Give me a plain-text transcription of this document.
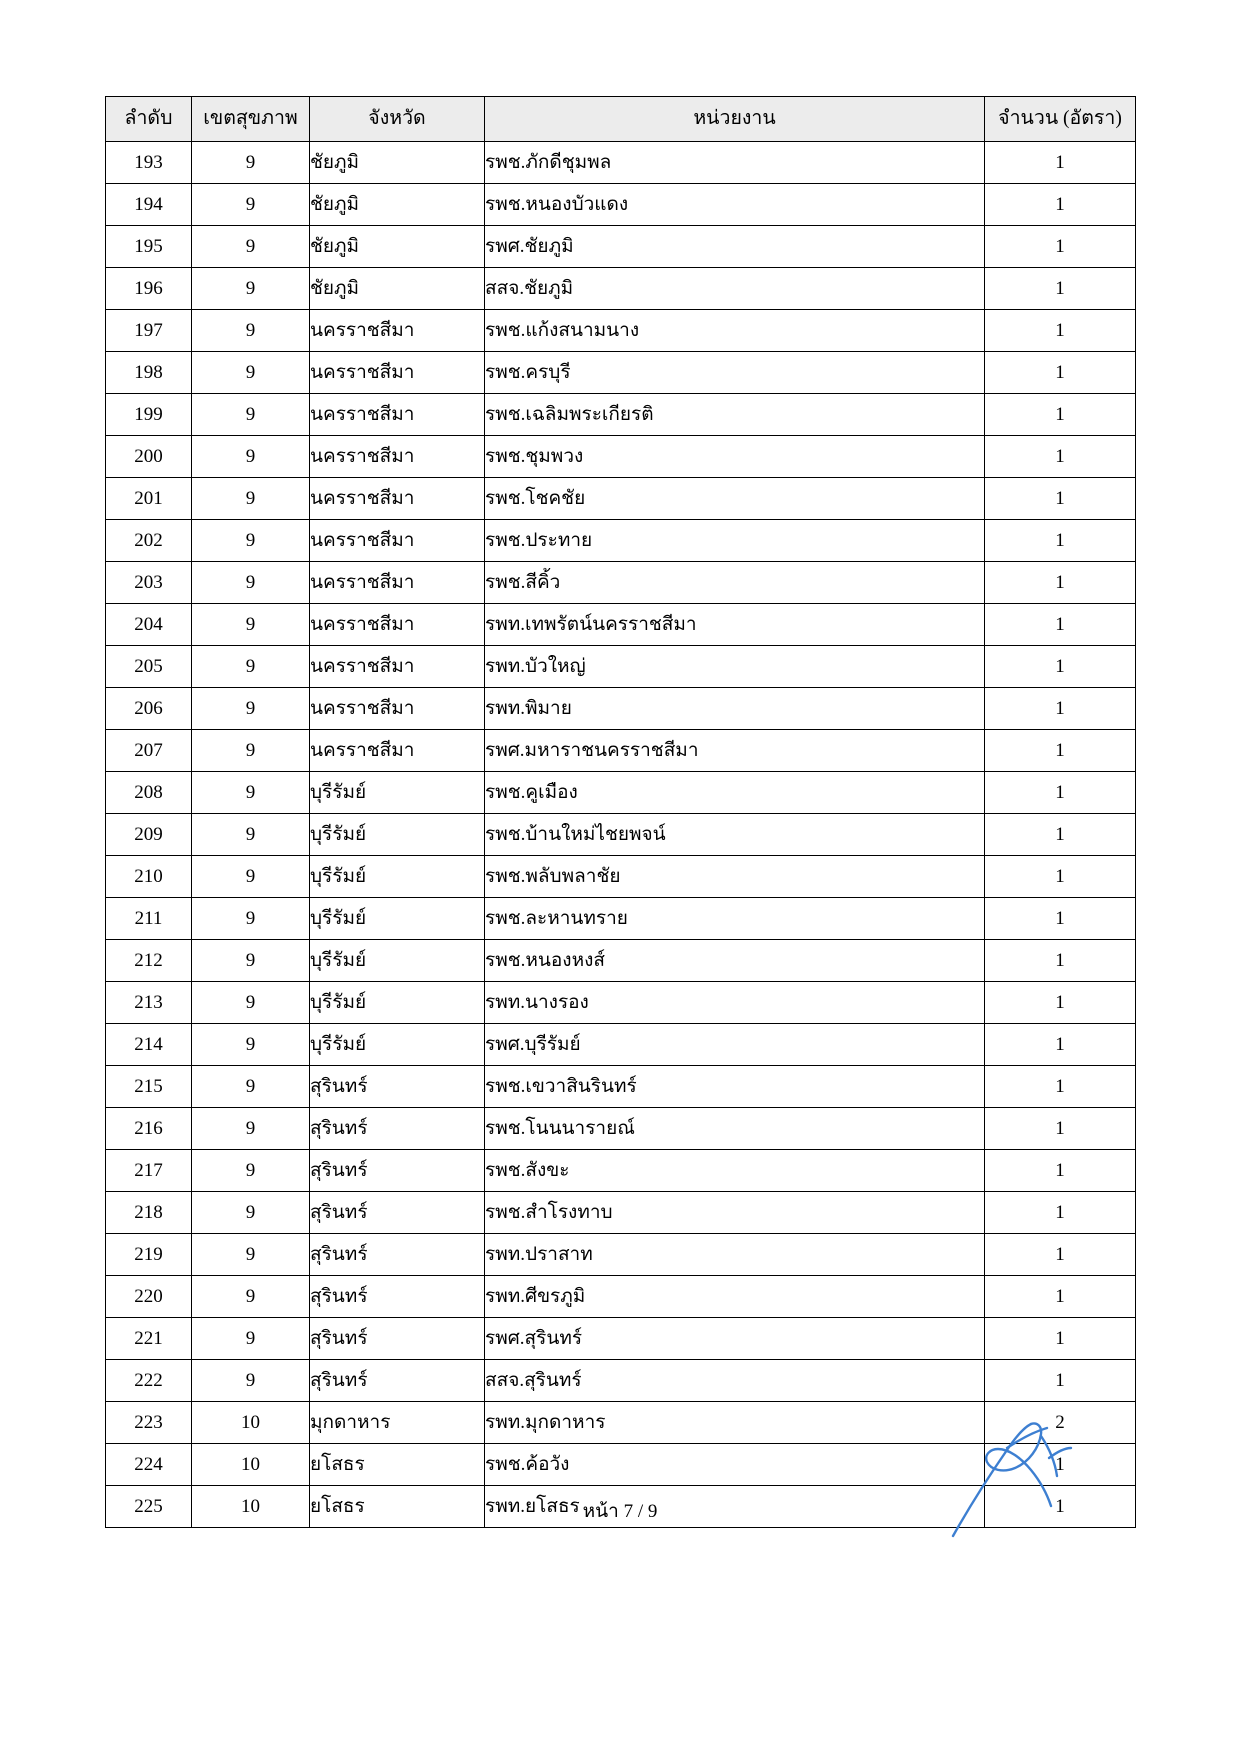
ลำดับ	เขตสุขภาพ	จังหวัด	หน่วยงาน	จำนวน (อัตรา)
193	9	ชัยภูมิ	รพช.ภักดีชุมพล	1
194	9	ชัยภูมิ	รพช.หนองบัวแดง	1
195	9	ชัยภูมิ	รพศ.ชัยภูมิ	1
196	9	ชัยภูมิ	สสจ.ชัยภูมิ	1
197	9	นครราชสีมา	รพช.แก้งสนามนาง	1
198	9	นครราชสีมา	รพช.ครบุรี	1
199	9	นครราชสีมา	รพช.เฉลิมพระเกียรติ	1
200	9	นครราชสีมา	รพช.ชุมพวง	1
201	9	นครราชสีมา	รพช.โชคชัย	1
202	9	นครราชสีมา	รพช.ประทาย	1
203	9	นครราชสีมา	รพช.สีคิ้ว	1
204	9	นครราชสีมา	รพท.เทพรัตน์นครราชสีมา	1
205	9	นครราชสีมา	รพท.บัวใหญ่	1
206	9	นครราชสีมา	รพท.พิมาย	1
207	9	นครราชสีมา	รพศ.มหาราชนครราชสีมา	1
208	9	บุรีรัมย์	รพช.คูเมือง	1
209	9	บุรีรัมย์	รพช.บ้านใหม่ไชยพจน์	1
210	9	บุรีรัมย์	รพช.พลับพลาชัย	1
211	9	บุรีรัมย์	รพช.ละหานทราย	1
212	9	บุรีรัมย์	รพช.หนองหงส์	1
213	9	บุรีรัมย์	รพท.นางรอง	1
214	9	บุรีรัมย์	รพศ.บุรีรัมย์	1
215	9	สุรินทร์	รพช.เขวาสินรินทร์	1
216	9	สุรินทร์	รพช.โนนนารายณ์	1
217	9	สุรินทร์	รพช.สังขะ	1
218	9	สุรินทร์	รพช.สำโรงทาบ	1
219	9	สุรินทร์	รพท.ปราสาท	1
220	9	สุรินทร์	รพท.ศีขรภูมิ	1
221	9	สุรินทร์	รพศ.สุรินทร์	1
222	9	สุรินทร์	สสจ.สุรินทร์	1
223	10	มุกดาหาร	รพท.มุกดาหาร	2
224	10	ยโสธร	รพช.ค้อวัง	1
225	10	ยโสธร	รพท.ยโสธร	1
หน้า 7 / 9
